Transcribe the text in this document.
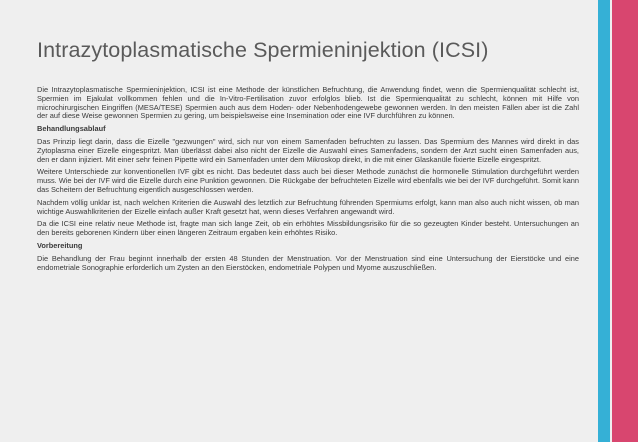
Intrazytoplasmatische Spermieninjektion (ICSI)

Die Intrazytoplasmatische Spermieninjektion, ICSI ist eine Methode der künstlichen Befruchtung, die Anwendung findet, wenn die Spermienqualität schlecht ist, Spermien im Ejakulat vollkommen fehlen und die In-Vitro-Fertilisation zuvor erfolglos blieb. Ist die Spermienqualität zu schlecht, können mit Hilfe von microchirurgischen Eingriffen (MESA/TESE) Spermien auch aus dem Hoden- oder Nebenhodengewebe gewonnen werden. In den meisten Fällen aber ist die Zahl der auf diese Weise gewonnen Spermien zu gering, um beispielsweise eine Insemination oder eine IVF durchführen zu können.

Behandlungsablauf

Das Prinzip liegt darin, dass die Eizelle "gezwungen" wird, sich nur von einem Samenfaden befruchten zu lassen. Das Spermium des Mannes wird direkt in das Zytoplasma einer Eizelle eingespritzt. Man überlässt dabei also nicht der Eizelle die Auswahl eines Samenfadens, sondern der Arzt sucht einen Samenfaden aus, den er dann injiziert. Mit einer sehr feinen Pipette wird ein Samenfaden unter dem Mikroskop direkt, in die mit einer Glaskanüle fixierte Eizelle eingespritzt.

Weitere Unterschiede zur konventionellen IVF gibt es nicht. Das bedeutet dass auch bei dieser Methode zunächst die hormonelle Stimulation durchgeführt werden muss. Wie bei der IVF wird die Eizelle durch eine Punktion gewonnen. Die Rückgabe der befruchteten Eizelle wird ebenfalls wie bei der IVF durchgeführt. Somit kann das Scheitern der Befruchtung eigentlich ausgeschlossen werden.

Nachdem völlig unklar ist, nach welchen Kriterien die Auswahl des letztlich zur Befruchtung führenden Spermiums erfolgt, kann man also auch nicht wissen, ob man wichtige Auswahlkriterien der Eizelle einfach außer Kraft gesetzt hat, wenn dieses Verfahren angewandt wird.

Da die ICSI eine relativ neue Methode ist, fragte man sich lange Zeit, ob ein erhöhtes Missbildungsrisiko für die so gezeugten Kinder besteht. Untersuchungen an den bereits geborenen Kindern über einen längeren Zeitraum ergaben kein erhöhtes Risiko.

Vorbereitung

Die Behandlung der Frau beginnt innerhalb der ersten 48 Stunden der Menstruation. Vor der Menstruation sind eine Untersuchung der Eierstöcke und eine endometriale Sonographie erforderlich um Zysten an den Eierstöcken, endometriale Polypen und Myome auszuschließen.
